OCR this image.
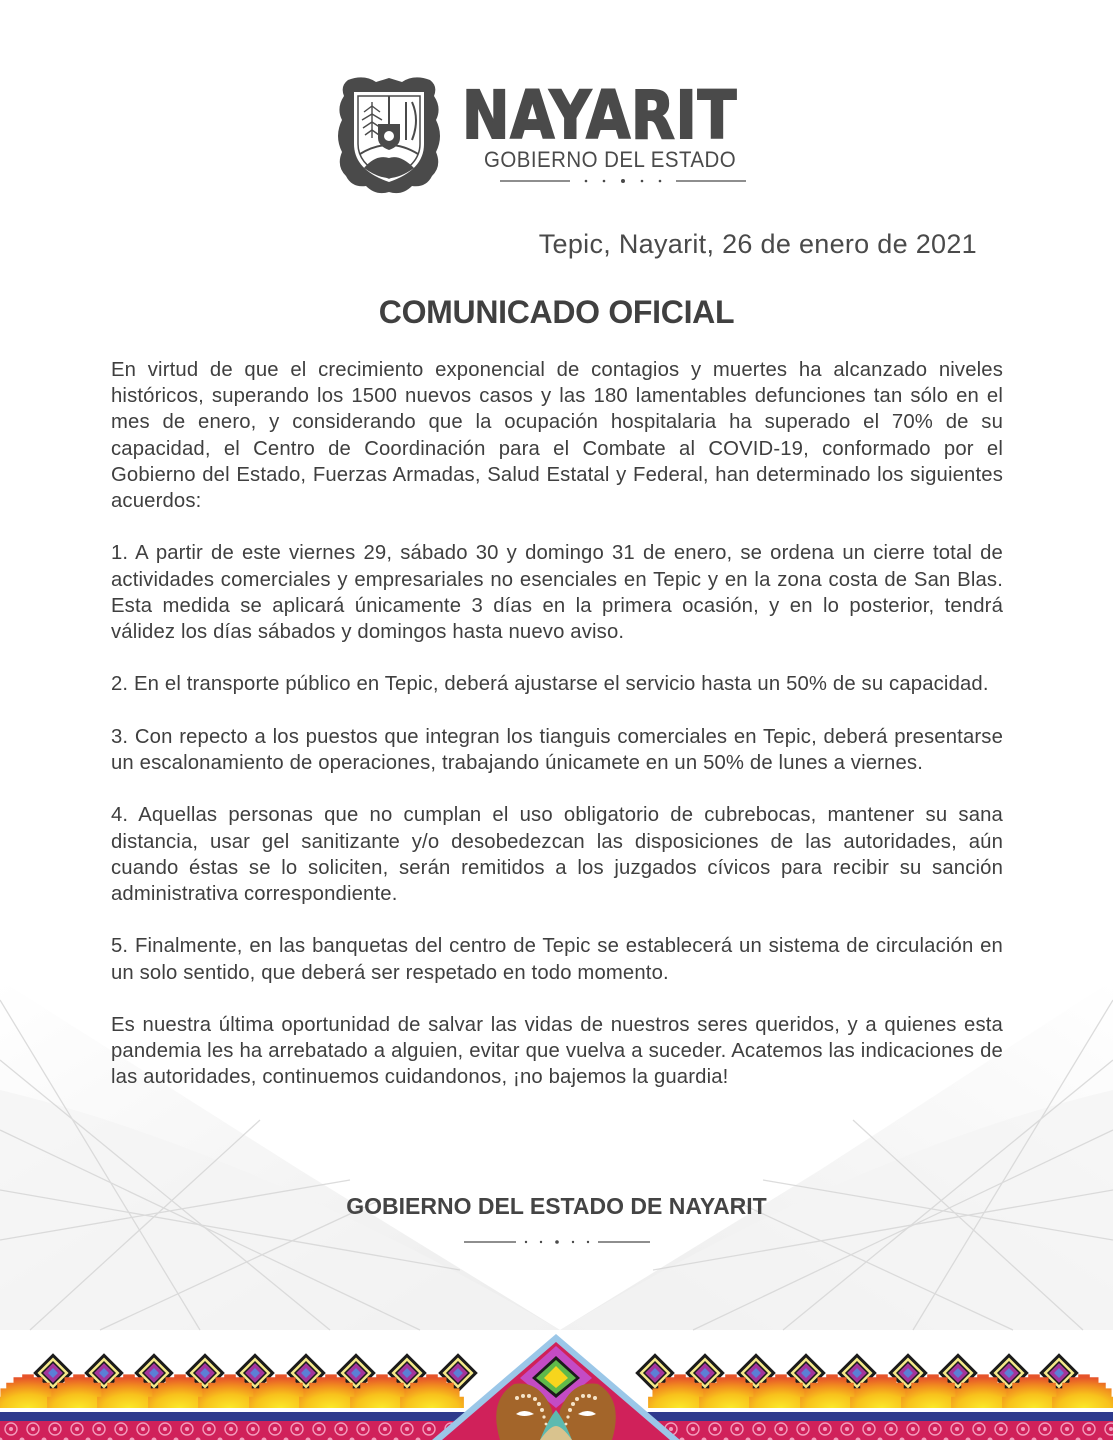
NAYARIT
GOBIERNO DEL ESTADO
Tepic, Nayarit, 26 de enero de 2021
COMUNICADO OFICIAL

En virtud de que el crecimiento exponencial de contagios y muertes ha alcanzado niveles históricos, superando los 1500 nuevos casos y las 180 lamentables defunciones tan sólo en el mes de enero, y considerando que la ocupación hospitalaria ha superado el 70% de su capacidad, el Centro de Coordinación para el Combate al COVID-19, conformado por el Gobierno del Estado, Fuerzas Armadas, Salud Estatal y Federal, han determinado los siguientes acuerdos:

1. A partir de este viernes 29, sábado 30 y domingo 31 de enero, se ordena un cierre total de actividades comerciales y empresariales no esenciales en Tepic y en la zona costa de San Blas. Esta medida se aplicará únicamente 3 días en la primera ocasión, y en lo posterior, tendrá válidez los días sábados y domingos hasta nuevo aviso.

2. En el transporte público en Tepic, deberá ajustarse el servicio hasta un 50% de su capacidad.

3. Con repecto a los puestos que integran los tianguis comerciales en Tepic, deberá presentarse un escalonamiento de operaciones, trabajando únicamete en un 50% de lunes a viernes.

4. Aquellas personas que no cumplan el uso obligatorio de cubrebocas, mantener su sana distancia, usar gel sanitizante y/o desobedezcan las disposiciones de las autoridades, aún cuando éstas se lo soliciten, serán remitidos a los juzgados cívicos para recibir su sanción administrativa correspondiente.

5. Finalmente, en las banquetas del centro de Tepic se establecerá un sistema de circulación en un solo sentido, que deberá ser respetado en todo momento.

Es nuestra última oportunidad de salvar las vidas de nuestros seres queridos, y a quienes esta pandemia les ha arrebatado a alguien, evitar que vuelva a suceder. Acatemos las indicaciones de las autoridades, continuemos cuidandonos, ¡no bajemos la guardia!

GOBIERNO DEL ESTADO DE NAYARIT
